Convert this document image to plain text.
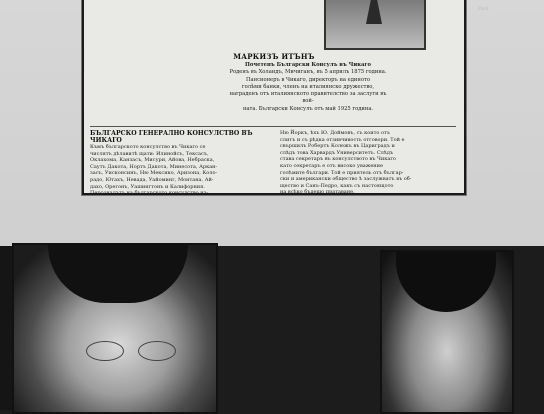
МАРКИЗЪ ИТЪНЪ
Почетенъ Български Консулъ въ Чикаго
Роденъ въ Холандъ, Мичиганъ, въ 5 априлъ 1875 година.
Пансионеръ в Чикаго, директоръ на единото
голѣми банки, членъ на италиянско дружество,
награденъ отъ италиянското правителство за заслуги въ вой-
ната. Български Консулъ отъ май 1925 година.
БЪЛГАРСКО ГЕНЕРАЛНО КОНСУЛСТВО ВЪ ЧИКАГО
Къмъ българското консулство въ Чикаго се
числятъ дѣлавитѣ щати: Илинойсъ, Тексасъ,
Оклахома, Канзасъ, Мисури, Айова, Небраска,
Саутъ Дакота, Нортъ Дакота, Минесота, Аркан-
засъ, Уисконсинъ, Ню Мексико, Аризона, Коло-
радо, Ютахъ, Невада, Уайоминг, Монтана, Ай-
дахо, Орегонъ, Уашингтонъ и Калифорния.
Персоналътъ на българското консулство из-
Ню Йоркъ, ѣхъ Ю. Доймовъ, съ които отъ
слитъ и съ рѣдка отзивчивость отговори. Той е
свършилъ Робертъ Колежъ въ Цариградъ и
слѣдъ това Харвардъ Университетъ. Слѣдъ
става секретаръ въ консулството въ Чикаго
като секретаръ е отъ високо уважение
голѣмите българи. Той е приятель отъ българ-
ски и американски общество ѣ заслужватъ въ об-
щество и Санъ-Педро, какъ съ настоящото
на всѣко бъдещо пратаване.
Пол
